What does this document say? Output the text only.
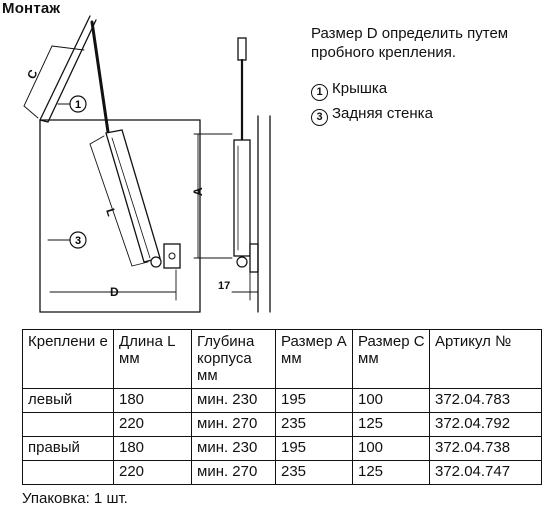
Монтаж
C
L
A
D	17
1
3
Размер D определить путем пробного крепления.
1 Крышка
3 Задняя стенка
Креплени е	Длина L мм	Глубина корпуса мм	Размер A мм	Размер C мм	Артикул №
левый	180	мин. 230	195	100	372.04.783
	220	мин. 270	235	125	372.04.792
правый	180	мин. 230	195	100	372.04.738
	220	мин. 270	235	125	372.04.747
Упаковка: 1 шт.
